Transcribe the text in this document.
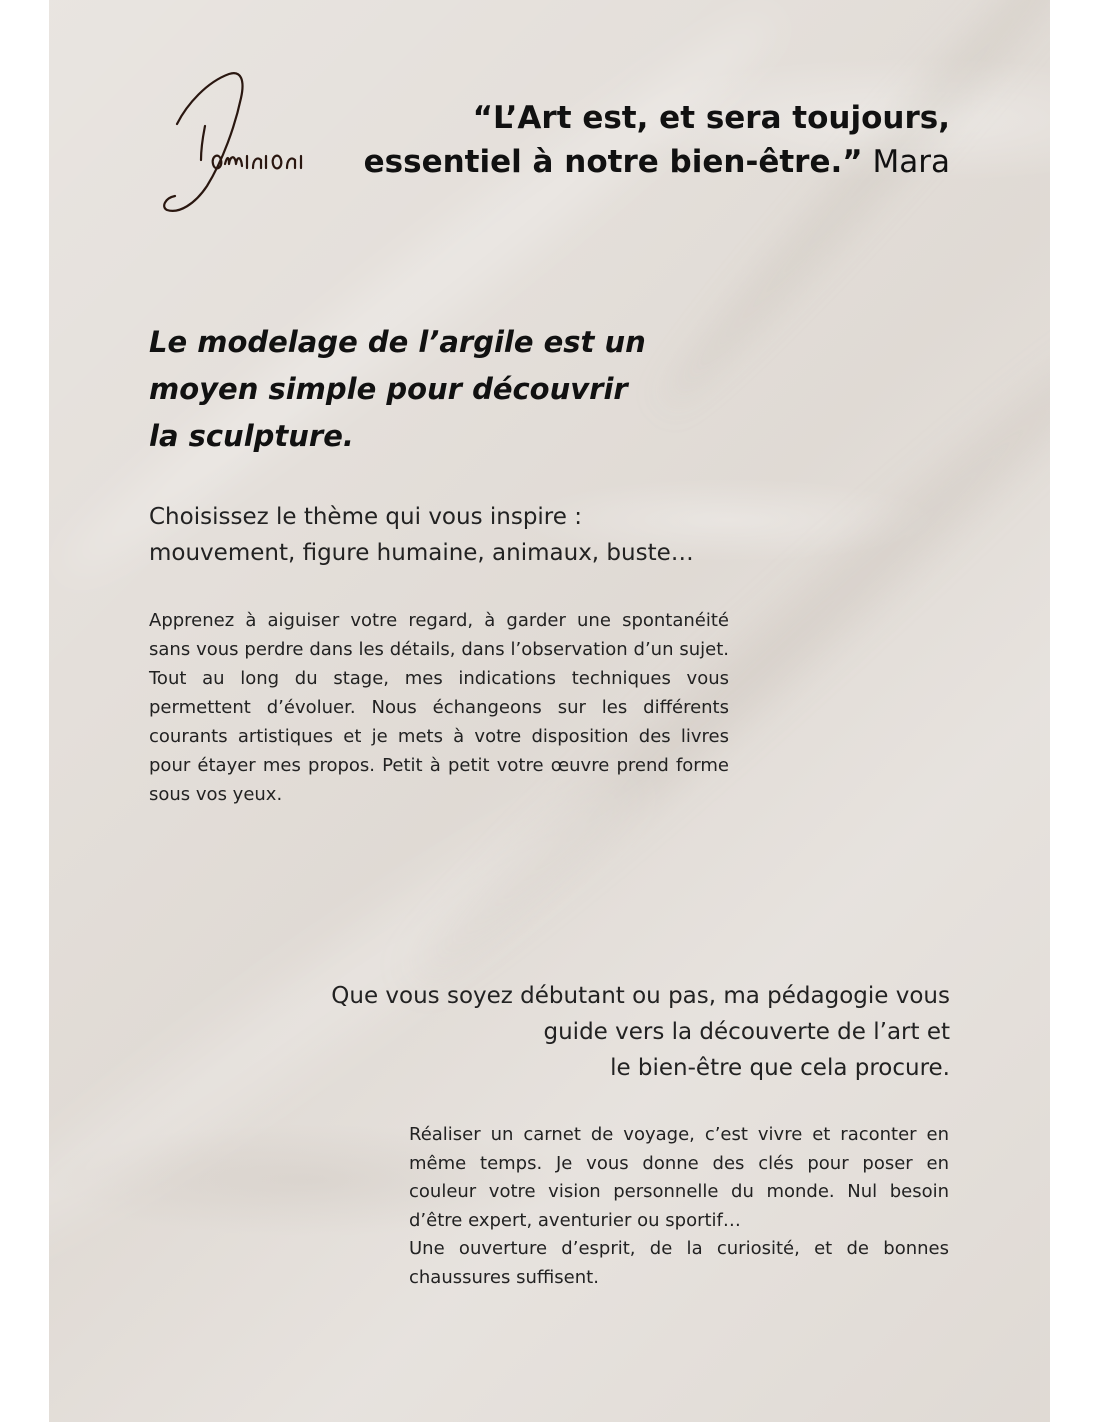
“L’Art est, et sera toujours, essentiel à notre bien-être.” Mara
Le modelage de l’argile est un
moyen simple pour découvrir
la sculpture.

Choisissez le thème qui vous inspire :
mouvement, figure humaine, animaux, buste…

Apprenez à aiguiser votre regard, à garder une spontanéité sans vous perdre dans les détails, dans l’observation d’un sujet. Tout au long du stage, mes indications techniques vous permettent d’évoluer. Nous échangeons sur les différents courants artistiques et je mets à votre disposition des livres pour étayer mes propos. Petit à petit votre œuvre prend forme sous vos yeux.

Que vous soyez débutant ou pas, ma pédagogie vous
guide vers la découverte de l’art et
le bien-être que cela procure.

Réaliser un carnet de voyage, c’est vivre et raconter en même temps. Je vous donne des clés pour poser en couleur votre vision personnelle du monde. Nul besoin d’être expert, aventurier ou sportif…
Une ouverture d’esprit, de la curiosité, et de bonnes chaussures suffisent.
